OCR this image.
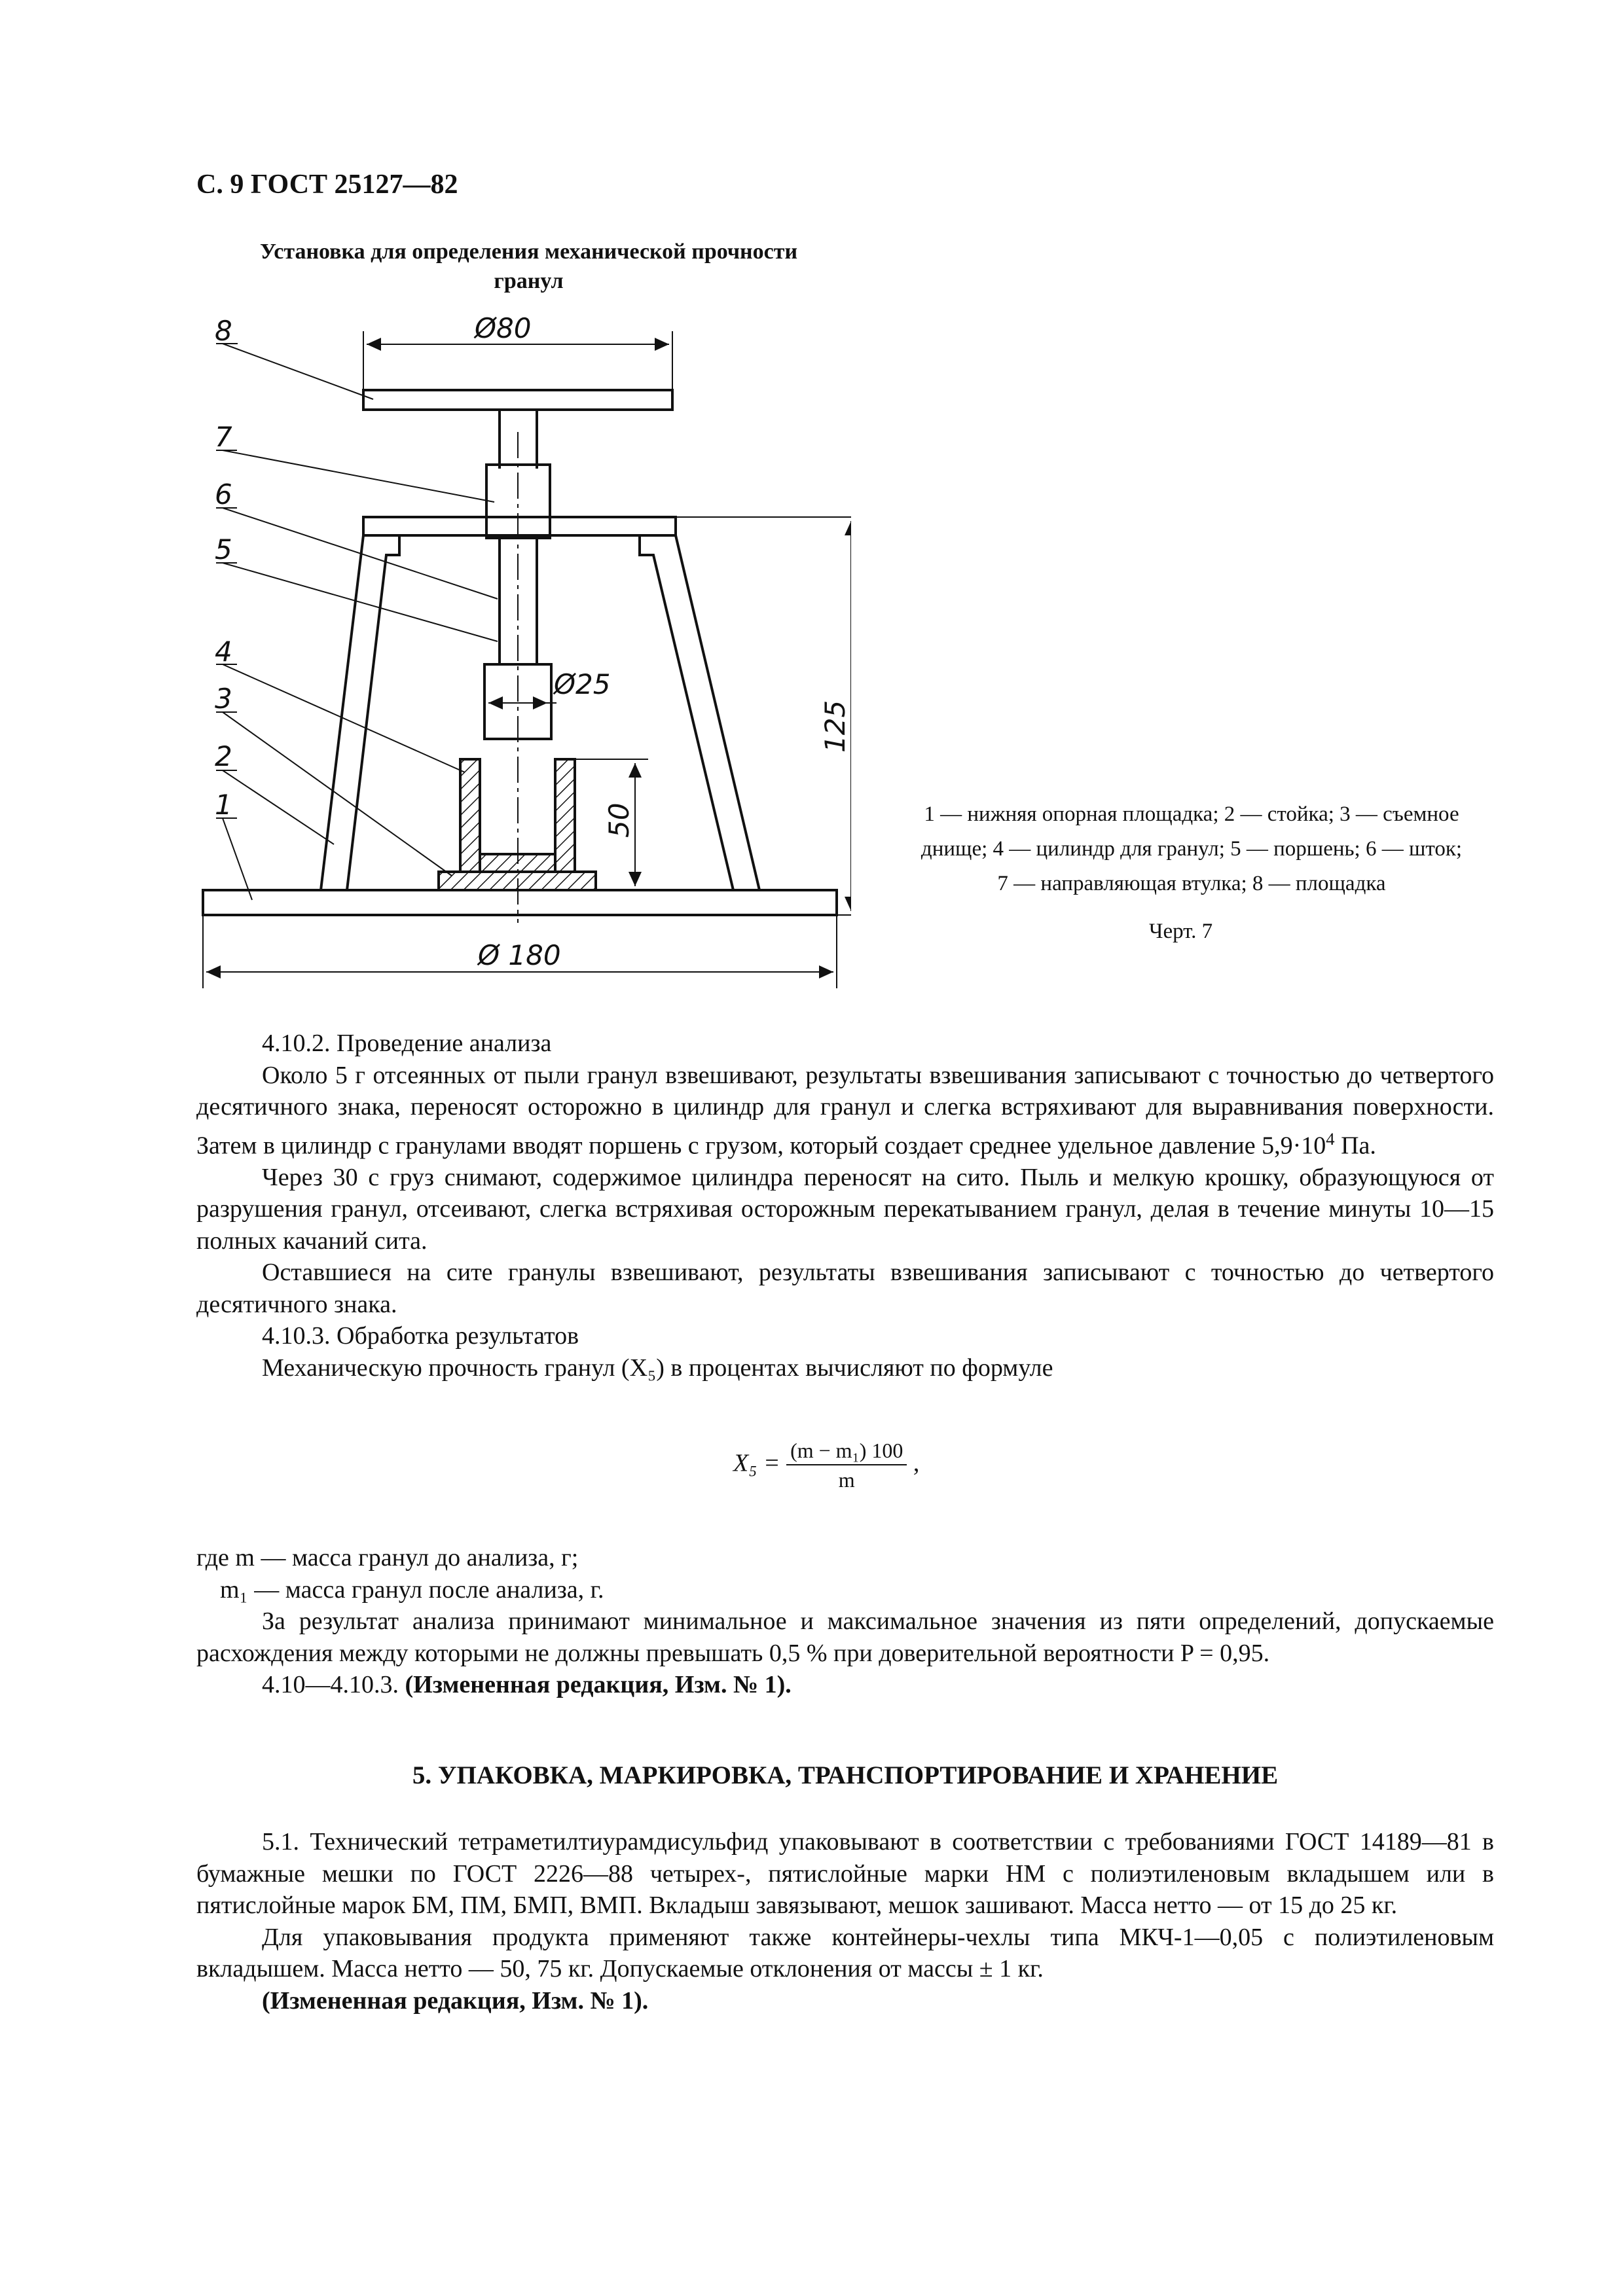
С. 9 ГОСТ 25127—82
Установка для определения механической прочности
гранул
8
7
6
5
4
3
2
1
Ø80
Ø25
Ø 180
125
50	1 — нижняя опорная площадка; 2 — стойка; 3 — съемное
днище; 4 — цилиндр для гранул; 5 — поршень; 6 — шток;
7 — направляющая втулка; 8 — площадка
Черт. 7

4.10.2. Проведение анализа

Около 5 г отсеянных от пыли гранул взвешивают, результаты взвешивания записывают с точностью до четвертого десятичного знака, переносят осторожно в цилиндр для гранул и слегка встряхивают для выравнивания поверхности. Затем в цилиндр с гранулами вводят поршень с грузом, который создает среднее удельное давление $5,9\cdot 10^4$ Па.

Через 30 с груз снимают, содержимое цилиндра переносят на сито. Пыль и мелкую крошку, образующуюся от разрушения гранул, отсеивают, слегка встряхивая осторожным перекатыванием гранул, делая в течение минуты 10—15 полных качаний сита.

Оставшиеся на сите гранулы взвешивают, результаты взвешивания записывают с точностью до четвертого десятичного знака.

4.10.3. Обработка результатов

Механическую прочность гранул (X₅) в процентах вычисляют по формуле

$X_5 = \frac{\text{(m − m₁) 100}}{m}$ ,

где m — масса гранул до анализа, г;

m₁ — масса гранул после анализа, г.

За результат анализа принимают минимальное и максимальное значения из пяти определений, допускаемые расхождения между которыми не должны превышать 0,5 % при доверительной вероятности P = 0,95.

4.10—4.10.3. (Измененная редакция, Изм. № 1).

5. УПАКОВКА, МАРКИРОВКА, ТРАНСПОРТИРОВАНИЕ И ХРАНЕНИЕ

5.1. Технический тетраметилтиурамдисульфид упаковывают в соответствии с требованиями ГОСТ 14189—81 в бумажные мешки по ГОСТ 2226—88 четырех-, пятислойные марки НМ с полиэтиленовым вкладышем или в пятислойные марок БМ, ПМ, БМП, ВМП. Вкладыш завязывают, мешок зашивают. Масса нетто — от 15 до 25 кг.

Для упаковывания продукта применяют также контейнеры-чехлы типа МКЧ-1—0,05 с полиэтиленовым вкладышем. Масса нетто — 50, 75 кг. Допускаемые отклонения от массы ± 1 кг.

(Измененная редакция, Изм. № 1).
